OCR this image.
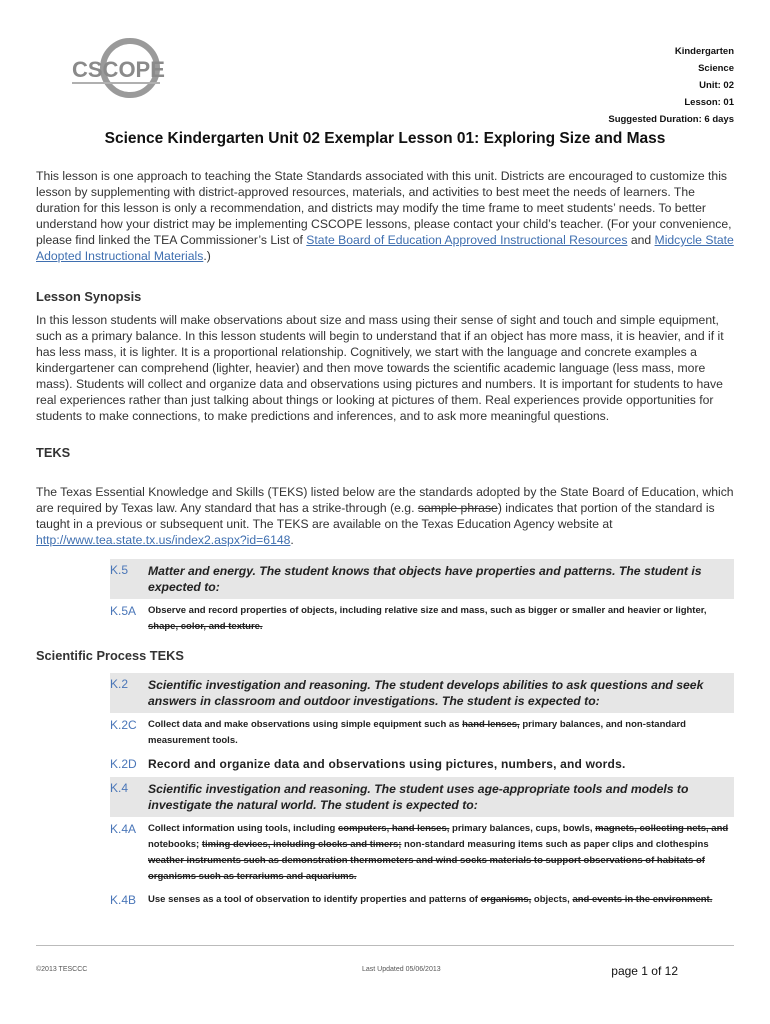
CSCOPE
Kindergarten
Science
Unit: 02
Lesson: 01
Suggested Duration: 6 days
Science Kindergarten Unit 02 Exemplar Lesson 01: Exploring Size and Mass

This lesson is one approach to teaching the State Standards associated with this unit. Districts are encouraged to customize this lesson by supplementing with district-approved resources, materials, and activities to best meet the needs of learners. The duration for this lesson is only a recommendation, and districts may modify the time frame to meet students’ needs. To better understand how your district may be implementing CSCOPE lessons, please contact your child’s teacher. (For your convenience, please find linked the TEA Commissioner’s List of State Board of Education Approved Instructional Resources and Midcycle State Adopted Instructional Materials.)

Lesson Synopsis

In this lesson students will make observations about size and mass using their sense of sight and touch and simple equipment, such as a primary balance. In this lesson students will begin to understand that if an object has more mass, it is heavier, and if it has less mass, it is lighter. It is a proportional relationship. Cognitively, we start with the language and concrete examples a kindergartener can comprehend (lighter, heavier) and then move towards the scientific academic language (less mass, more mass). Students will collect and organize data and observations using pictures and numbers. It is important for students to have real experiences rather than just talking about things or looking at pictures of them. Real experiences provide opportunities for students to make connections, to make predictions and inferences, and to ask more meaningful questions.

TEKS

The Texas Essential Knowledge and Skills (TEKS) listed below are the standards adopted by the State Board of Education, which are required by Texas law. Any standard that has a strike-through (e.g. sample phrase) indicates that portion of the standard is taught in a previous or subsequent unit. The TEKS are available on the Texas Education Agency website at http://www.tea.state.tx.us/index2.aspx?id=6148.

K.5	Matter and energy. The student knows that objects have properties and patterns. The student is expected to:
K.5A	Observe and record properties of objects, including relative size and mass, such as bigger or smaller and heavier or lighter, shape, color, and texture.
Scientific Process TEKS
K.2	Scientific investigation and reasoning. The student develops abilities to ask questions and seek answers in classroom and outdoor investigations. The student is expected to:
K.2C	Collect data and make observations using simple equipment such as hand lenses, primary balances, and non-standard measurement tools.
K.2D Record and organize data and observations using pictures, numbers, and words.
K.4	Scientific investigation and reasoning. The student uses age-appropriate tools and models to investigate the natural world. The student is expected to:
K.4A	Collect information using tools, including computers, hand lenses, primary balances, cups, bowls, magnets, collecting nets, and notebooks; timing devices, including clocks and timers; non-standard measuring items such as paper clips and clothespins weather instruments such as demonstration thermometers and wind socks materials to support observations of habitats of organisms such as terrariums and aquariums.
K.4B	Use senses as a tool of observation to identify properties and patterns of organisms, objects, and events in the environment.
©2013 TESCCC	Last Updated 05/06/2013	page 1 of 12
